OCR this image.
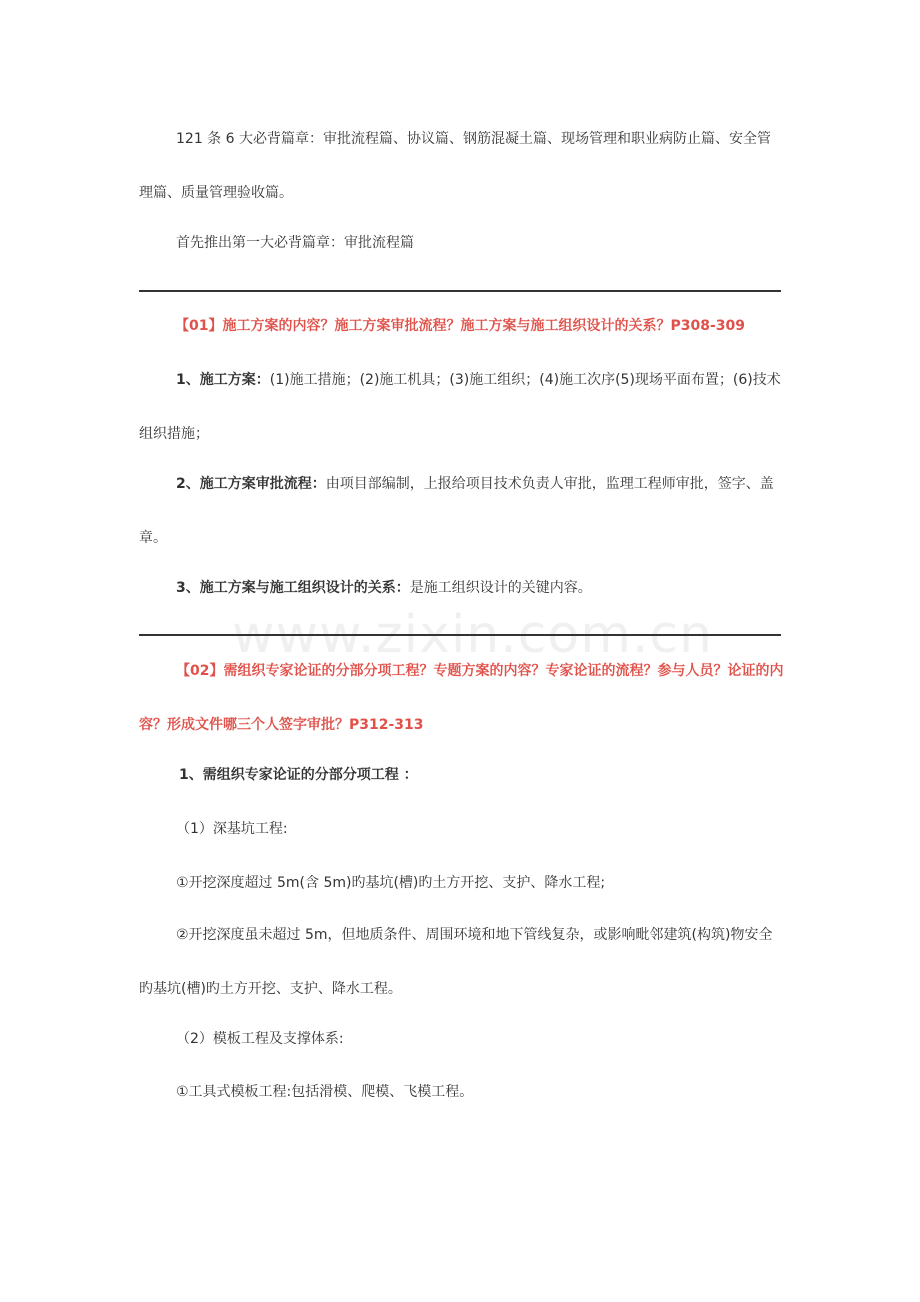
www.zixin.com.cn
121 条 6 大必背篇章：审批流程篇、协议篇、钢筋混凝土篇、现场管理和职业病防止篇、安全管理篇、质量管理验收篇。
首先推出第一大必背篇章：审批流程篇
【01】施工方案的内容？施工方案审批流程？施工方案与施工组织设计的关系？P308-309
1、施工方案：(1)施工措施；(2)施工机具；(3)施工组织；(4)施工次序(5)现场平面布置；(6)技术组织措施；
2、施工方案审批流程：由项目部编制，上报给项目技术负责人审批，监理工程师审批，签字、盖章。
3、施工方案与施工组织设计的关系：是施工组织设计的关键内容。
【02】需组织专家论证的分部分项工程？专题方案的内容？专家论证的流程？参与人员？论证的内容？形成文件哪三个人签字审批？P312-313
1、需组织专家论证的分部分项工程 ：
（1）深基坑工程:
①开挖深度超过 5m(含 5m)旳基坑(槽)旳土方开挖、支护、降水工程;
②开挖深度虽未超过 5m，但地质条件、周围环境和地下管线复杂，或影响毗邻建筑(构筑)物安全旳基坑(槽)旳土方开挖、支护、降水工程。
（2）模板工程及支撑体系:
①工具式模板工程:包括滑模、爬模、飞模工程。
